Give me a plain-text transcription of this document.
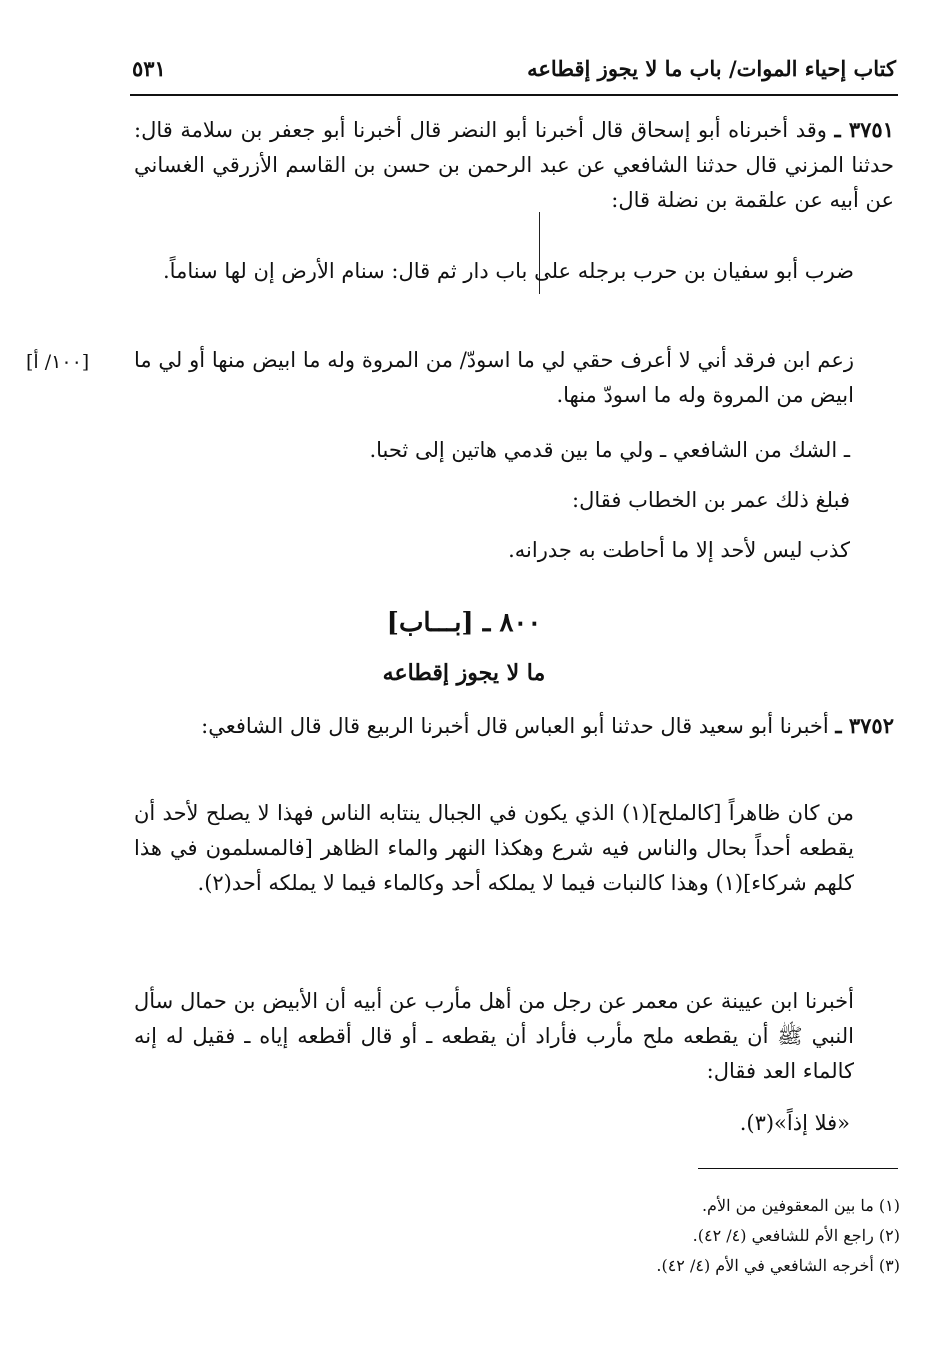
كتاب إحياء الموات/ باب ما لا يجوز إقطاعه
٥٣١

٣٧٥١ ـ وقد أخبرناه أبو إسحاق قال أخبرنا أبو النضر قال أخبرنا أبو جعفر بن سلامة قال: حدثنا المزني قال حدثنا الشافعي عن عبد الرحمن بن حسن بن القاسم الأزرقي الغساني عن أبيه عن علقمة بن نضلة قال:

ضرب أبو سفيان بن حرب برجله على باب دار ثم قال: سنام الأرض إن لها سناماً.

[١٠٠/ أ] زعم ابن فرقد أني لا أعرف حقي لي ما اسودّ/ من المروة وله ما ابيض منها أو لي ما ابيض من المروة وله ما اسودّ منها.

ـ الشك من الشافعي ـ ولي ما بين قدمي هاتين إلى ثحبا.

فبلغ ذلك عمر بن الخطاب فقال:

كذب ليس لأحد إلا ما أحاطت به جدرانه.

٨٠٠ ـ [بـــاب]
ما لا يجوز إقطاعه

٣٧٥٢ ـ أخبرنا أبو سعيد قال حدثنا أبو العباس قال أخبرنا الربيع قال قال الشافعي:

من كان ظاهراً [كالملح](١) الذي يكون في الجبال ينتابه الناس فهذا لا يصلح لأحد أن يقطعه أحداً بحال والناس فيه شرع وهكذا النهر والماء الظاهر [فالمسلمون في هذا كلهم شركاء](١) وهذا كالنبات فيما لا يملكه أحد وكالماء فيما لا يملكه أحد(٢).

أخبرنا ابن عيينة عن معمر عن رجل من أهل مأرب عن أبيه أن الأبيض بن حمال سأل النبي ﷺ أن يقطعه ملح مأرب فأراد أن يقطعه ـ أو قال أقطعه إياه ـ فقيل له إنه كالماء العد فقال:

«فلا إذاً»(٣).

(١) ما بين المعقوفين من الأم.
(٢) راجع الأم للشافعي (٤/ ٤٢).
(٣) أخرجه الشافعي في الأم (٤/ ٤٢).
